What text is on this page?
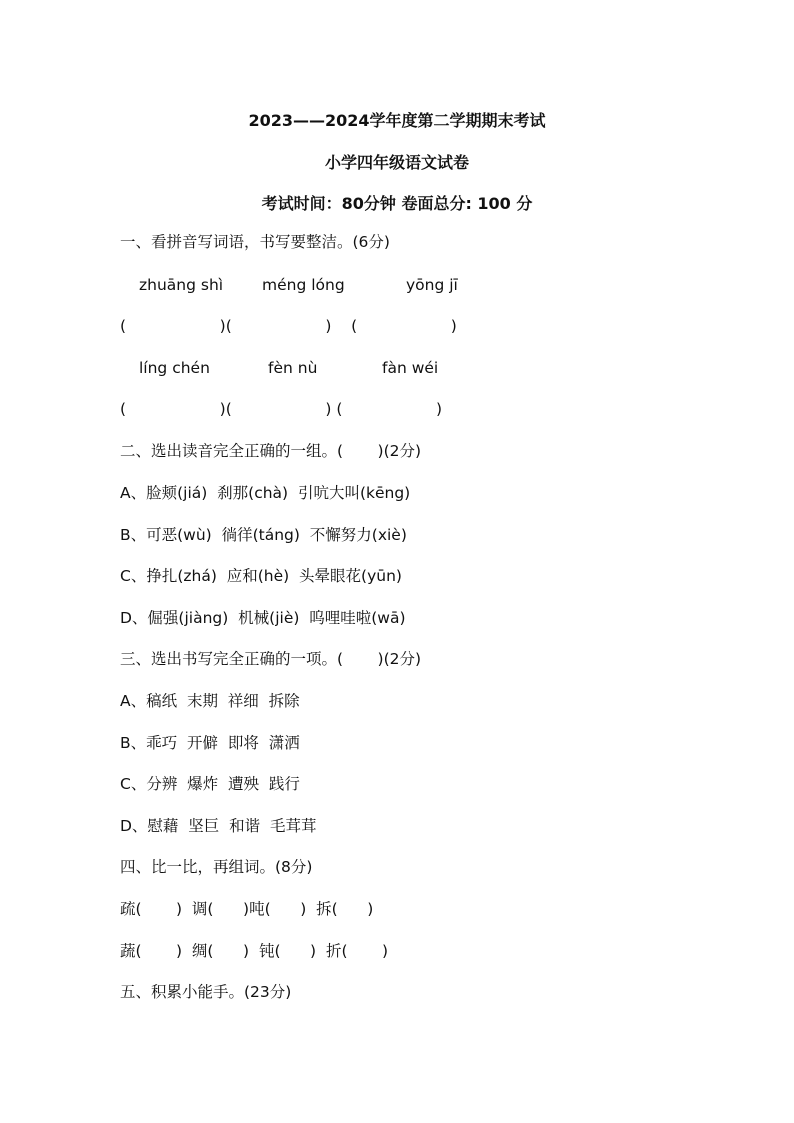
2023——2024学年度第二学期期末考试
小学四年级语文试卷
考试时间：80分钟 卷面总分: 100 分
一、看拼音写词语，书写要整洁。(6分)
zhuāng shì	méng lóng	yōng jī
(                   )(                   )    (                   )
líng chén	fèn nù	fàn wéi
(                   )(                   ) (                   )
二、选出读音完全正确的一组。(       )(2分)
A、脸颊(jiá)  刹那(chà)  引吭大叫(kēng)
B、可恶(wù)  徜徉(táng)  不懈努力(xiè)
C、挣扎(zhá)  应和(hè)  头晕眼花(yūn)
D、倔强(jiàng)  机械(jiè)  呜哩哇啦(wā)
三、选出书写完全正确的一项。(       )(2分)
A、稿纸  末期  祥细  拆除
B、乖巧  开僻  即将  潇洒
C、分辨  爆炸  遭殃  践行
D、慰藉  坚巨  和谐  毛茸茸
四、比一比，再组词。(8分)
疏(       )  调(      )吨(      )  拆(      )
蔬(       )  绸(      )  钝(      )  折(       )
五、积累小能手。(23分)
